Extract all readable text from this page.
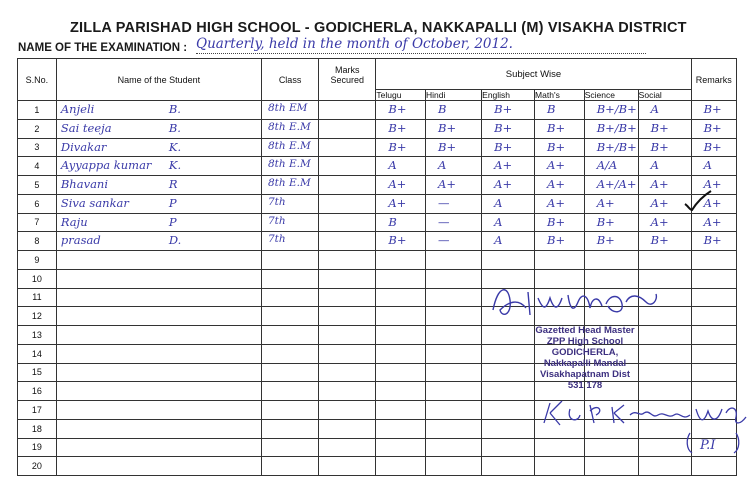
ZILLA PARISHAD HIGH SCHOOL - GODICHERLA, NAKKAPALLI (M) VISAKHA DISTRICT
NAME OF THE EXAMINATION : Quarterly, held in the month of October, 2012.
S.No.	Name of the Student	Class	Marks Secured	Subject Wise						Remarks
				Telugu	Hindi	English	Math's	Science	Social	
1	Anjeli B.	8th EM		B+	B	B+	B	B+/B+	A	B+

2	Sai teeja B.	8th E.M		B+	B+	B+	B+	B+/B+	B+	B+

3	Divakar K.	8th E.M		B+	B+	B+	B+	B+/B+	B+	B+

4	Ayyappa kumar K.	8th E.M		A	A	A+	A+	A/A	A	A

5	Bhavani R	8th E.M		A+	A+	A+	A+	A+/A+	A+	A+

6	Siva sankar P	7th		A+	—	A	A+	A+	A+	A+

7	Raju P	7th		B	—	A	B+	B+	A+	A+

8	prasad D.	7th		B+	—	A	B+	B+	B+	B+

9										
10										
11										
12										
13										
14										
15										
16										
17										
18										
19										
20										
Gazetted Head Master
ZPP High School
GODICHERLA,
Nakkapalli Mandal
Visakhapatnam Dist
531 178
P.I
